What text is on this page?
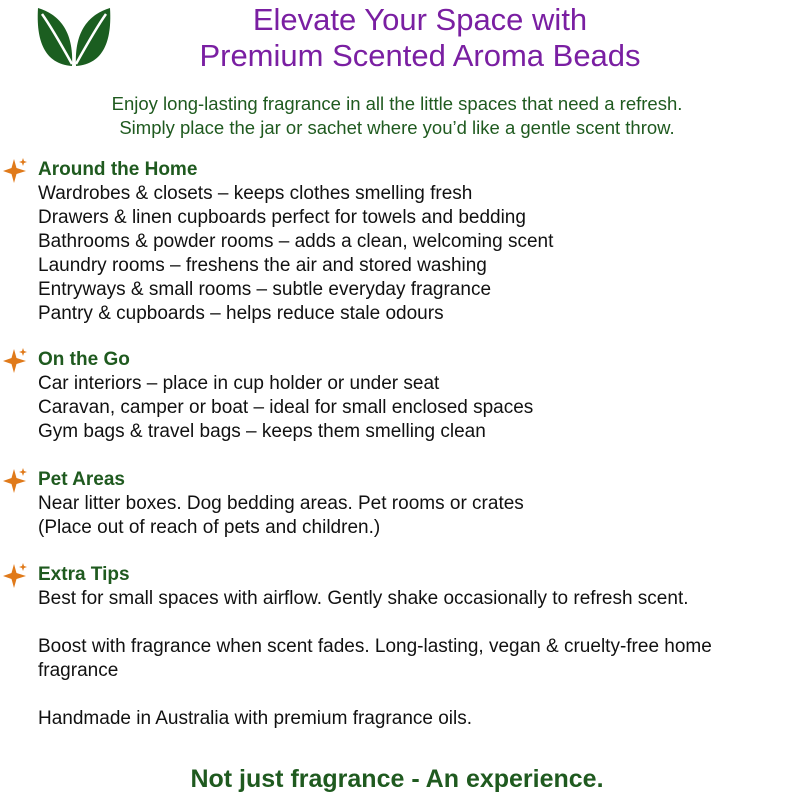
Elevate Your Space with
Premium Scented Aroma Beads
Enjoy long-lasting fragrance in all the little spaces that need a refresh.
Simply place the jar or sachet where you’d like a gentle scent throw.
Around the Home
Wardrobes & closets – keeps clothes smelling fresh
Drawers & linen cupboards perfect for towels and bedding
Bathrooms & powder rooms – adds a clean, welcoming scent
Laundry rooms – freshens the air and stored washing
Entryways & small rooms – subtle everyday fragrance
Pantry & cupboards – helps reduce stale odours
On the Go
Car interiors – place in cup holder or under seat
Caravan, camper or boat – ideal for small enclosed spaces
Gym bags & travel bags – keeps them smelling clean
Pet Areas
Near litter boxes. Dog bedding areas. Pet rooms or crates
(Place out of reach of pets and children.)
Extra Tips
Best for small spaces with airflow. Gently shake occasionally to refresh scent.
Boost with fragrance when scent fades. Long-lasting, vegan & cruelty-free home fragrance
Handmade in Australia with premium fragrance oils.
Not just fragrance - An experience.
